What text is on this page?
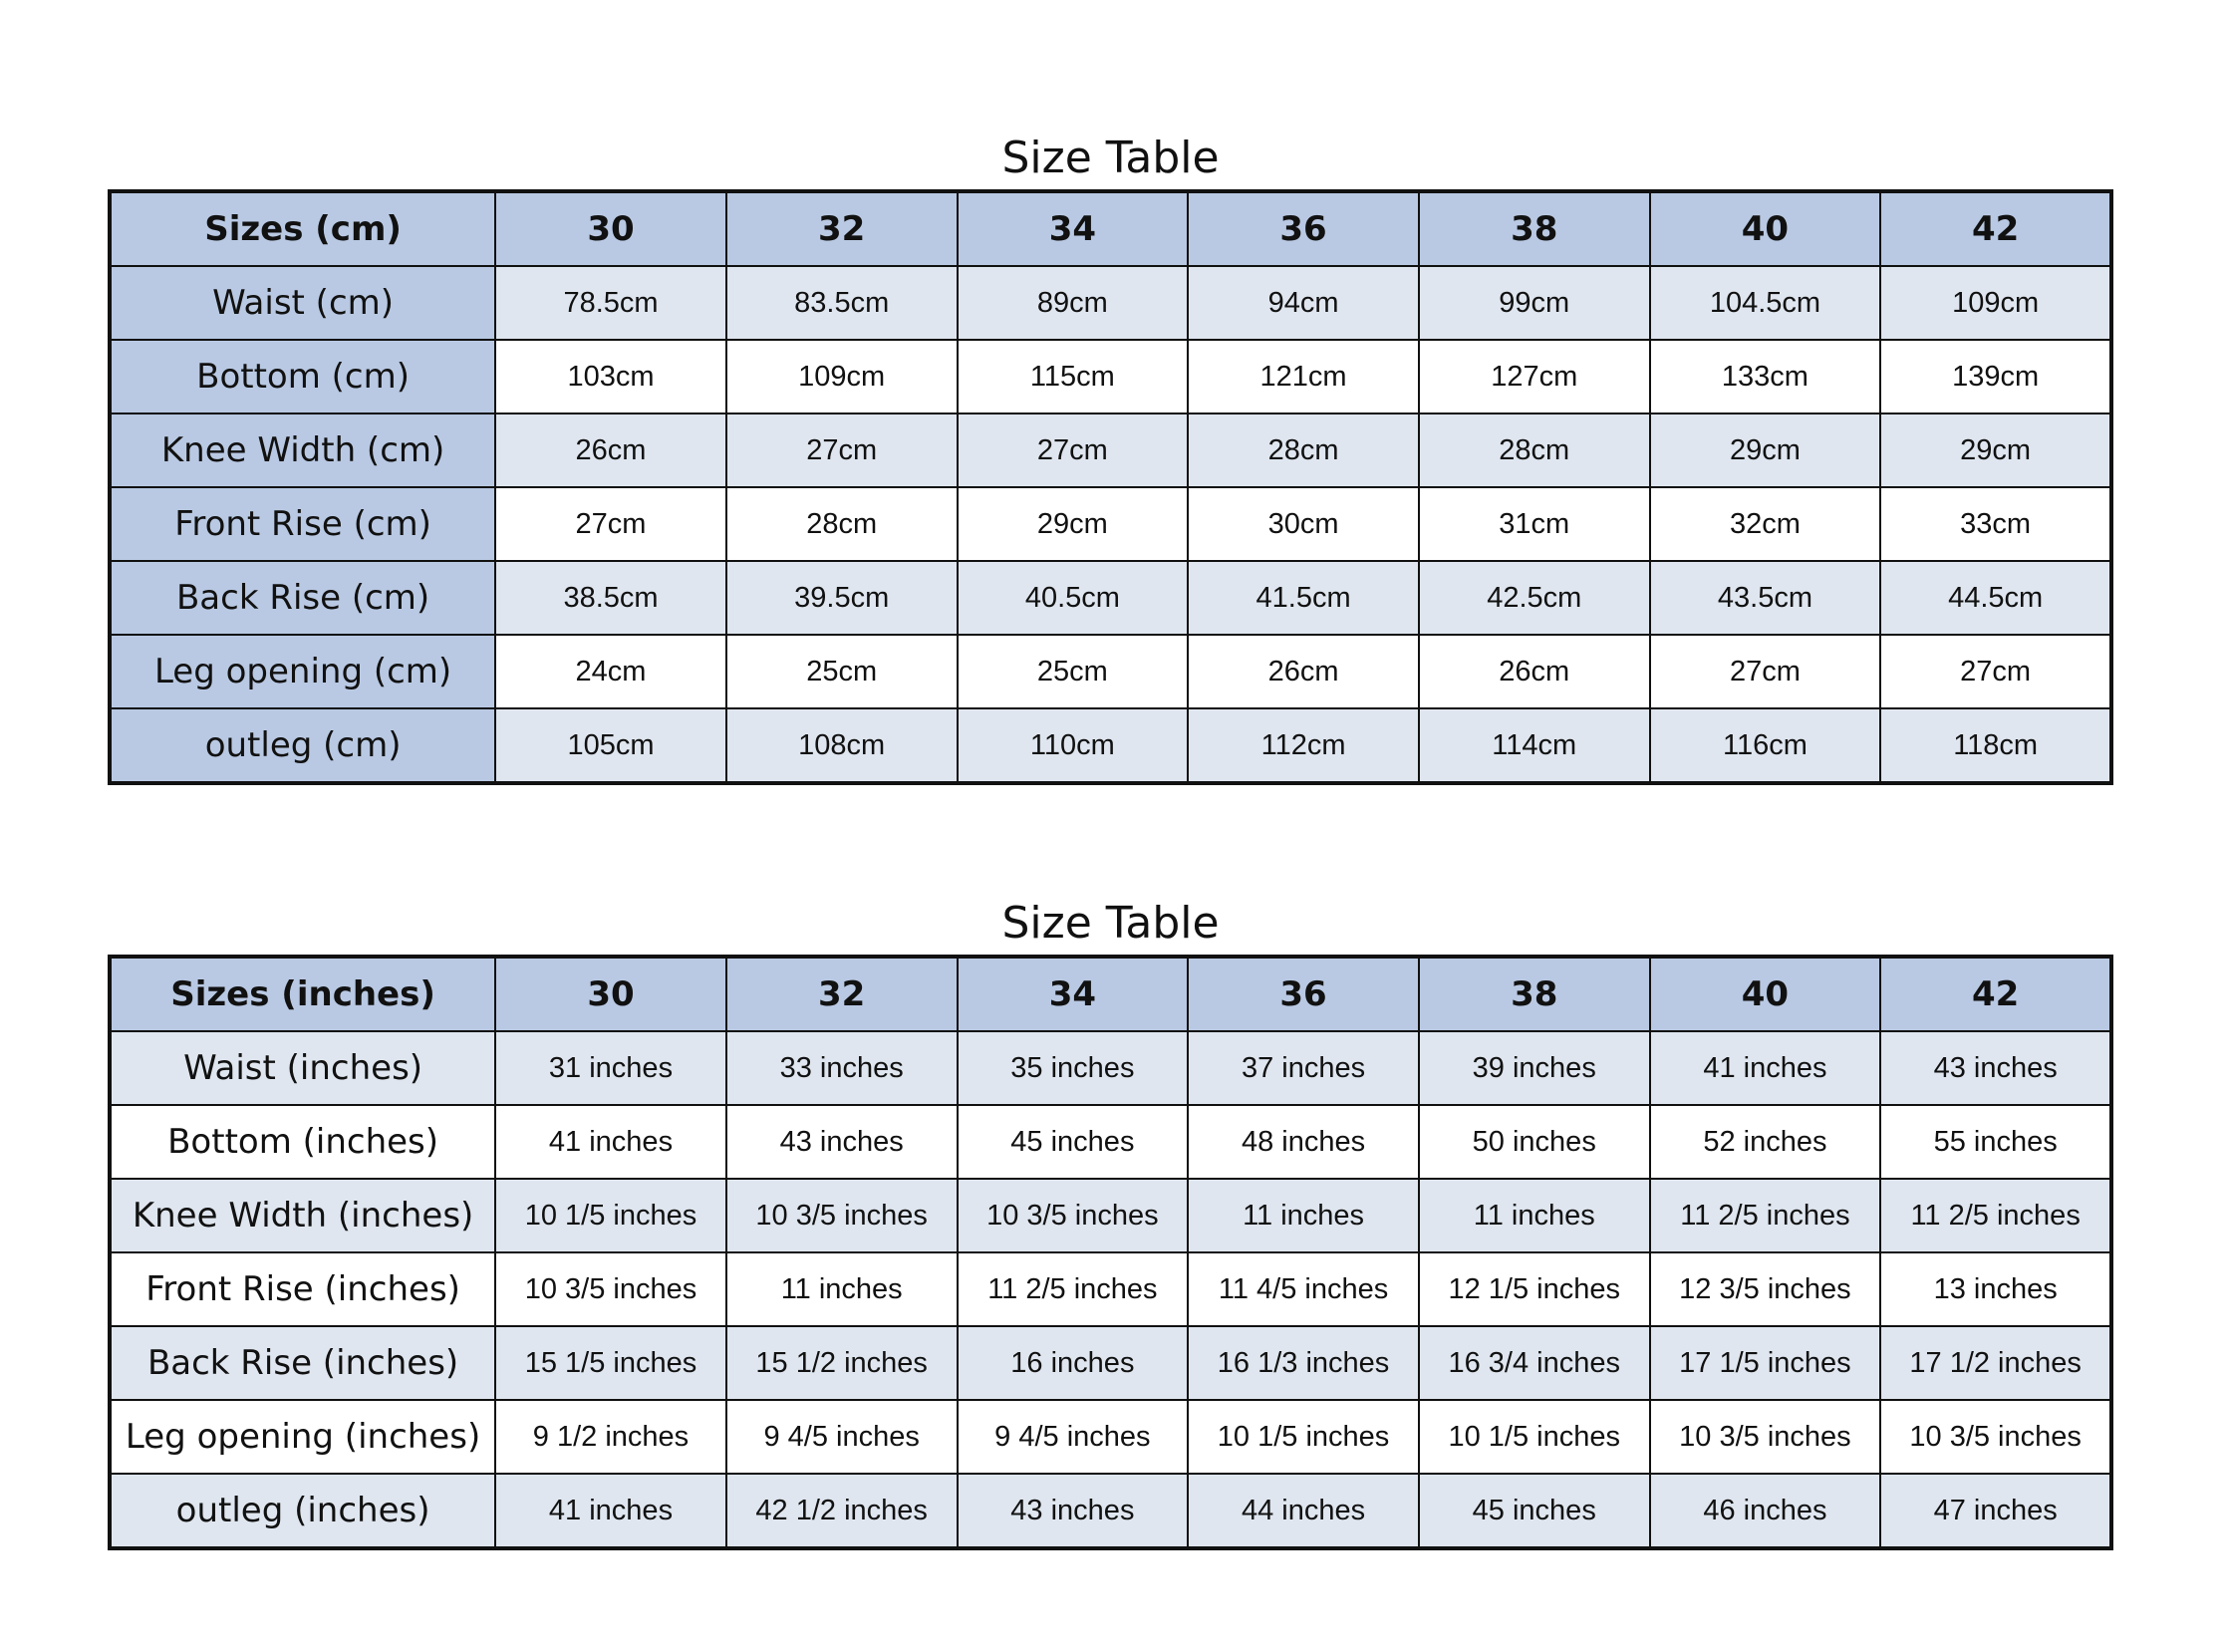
Size Table
Sizes (cm)	30	32	34	36	38	40	42
Waist (cm)	78.5cm	83.5cm	89cm	94cm	99cm	104.5cm	109cm
Bottom (cm)	103cm	109cm	115cm	121cm	127cm	133cm	139cm
Knee Width (cm)	26cm	27cm	27cm	28cm	28cm	29cm	29cm
Front Rise (cm)	27cm	28cm	29cm	30cm	31cm	32cm	33cm
Back Rise (cm)	38.5cm	39.5cm	40.5cm	41.5cm	42.5cm	43.5cm	44.5cm
Leg opening (cm)	24cm	25cm	25cm	26cm	26cm	27cm	27cm
outleg (cm)	105cm	108cm	110cm	112cm	114cm	116cm	118cm
Size Table
Sizes (inches)	30	32	34	36	38	40	42
Waist (inches)	31 inches	33 inches	35 inches	37 inches	39 inches	41 inches	43 inches
Bottom (inches)	41 inches	43 inches	45 inches	48 inches	50 inches	52 inches	55 inches
Knee Width (inches)	10 1/5 inches	10 3/5 inches	10 3/5 inches	11 inches	11 inches	11 2/5 inches	11 2/5 inches
Front Rise (inches)	10 3/5 inches	11 inches	11 2/5 inches	11 4/5 inches	12 1/5 inches	12 3/5 inches	13 inches
Back Rise (inches)	15 1/5 inches	15 1/2 inches	16 inches	16 1/3 inches	16 3/4 inches	17 1/5 inches	17 1/2 inches
Leg opening (inches)	9 1/2 inches	9 4/5 inches	9 4/5 inches	10 1/5 inches	10 1/5 inches	10 3/5 inches	10 3/5 inches
outleg (inches)	41 inches	42 1/2 inches	43 inches	44 inches	45 inches	46 inches	47 inches
